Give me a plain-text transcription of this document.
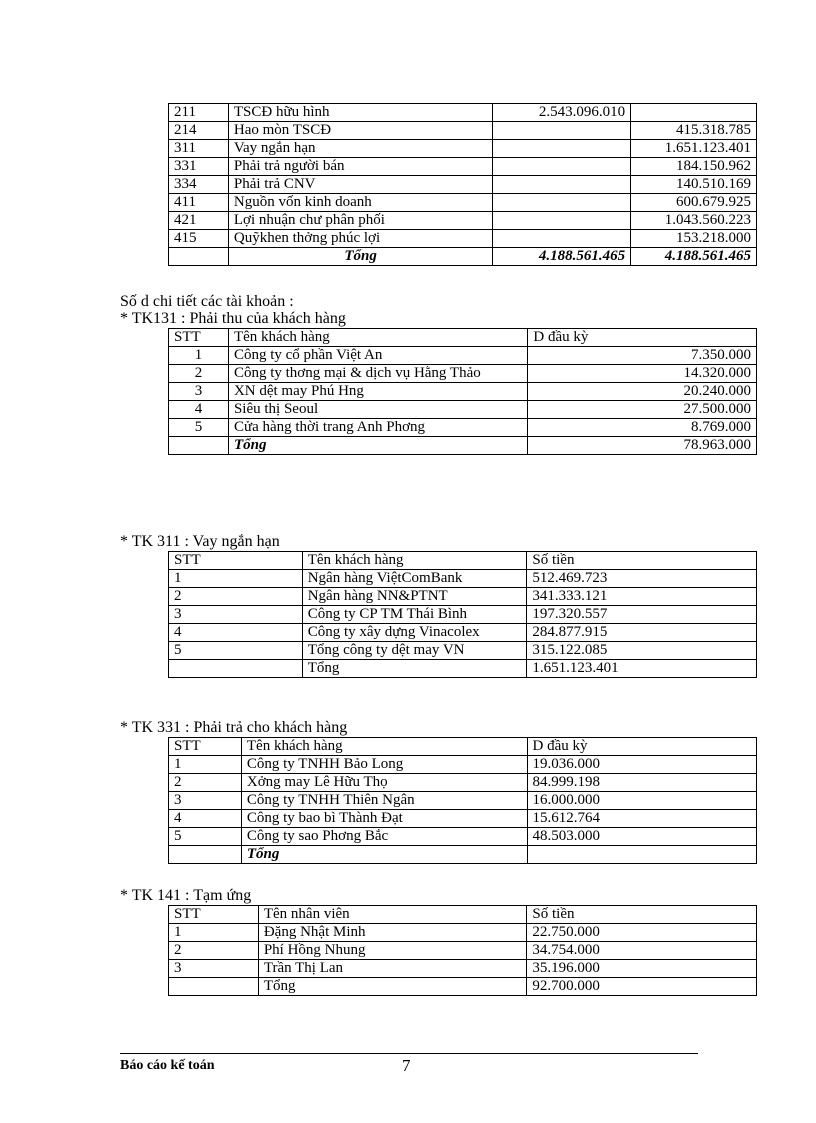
211	TSCĐ hữu hình	2.543.096.010	
214	Hao mòn TSCĐ		415.318.785
311	Vay ngắn hạn		1.651.123.401
331	Phải trả người bán		184.150.962
334	Phải trả CNV		140.510.169
411	Nguồn vốn kinh doanh		600.679.925
421	Lợi nhuận chư phân phối		1.043.560.223
415	Quỹkhen thởng phúc lợi		153.218.000
	Tổng	4.188.561.465	4.188.561.465
Số d chi tiết các tài khoản :
* TK131 : Phải thu của khách hàng
STT	Tên khách hàng	D đầu kỳ
1	Công ty cổ phần Việt An	7.350.000
2	Công ty thơng mại & dịch vụ Hằng Thảo	14.320.000
3	XN dệt may Phú Hng	20.240.000
4	Siêu thị Seoul	27.500.000
5	Cửa hàng thời trang Anh Phơng	8.769.000
	Tổng	78.963.000
* TK 311 : Vay ngắn hạn
STT	Tên khách hàng	Số tiền
1	Ngân hàng ViệtComBank	512.469.723
2	Ngân hàng NN&PTNT	341.333.121
3	Công ty CP TM Thái Bình	197.320.557
4	Công ty xây dựng Vinacolex	284.877.915
5	Tổng công ty dệt may VN	315.122.085
	Tổng	1.651.123.401
* TK 331 : Phải trả cho khách hàng
STT	Tên khách hàng	D đầu kỳ
1	Công ty TNHH Bảo Long	19.036.000
2	Xởng may Lê Hữu Thọ	84.999.198
3	Công ty TNHH Thiên Ngân	16.000.000
4	Công ty bao bì Thành Đạt	15.612.764
5	Công ty sao Phơng Bắc	48.503.000
	Tổng	
* TK 141 : Tạm ứng
STT	Tên nhân viên	Số tiền
1	Đặng Nhật Minh	22.750.000
2	Phí Hồng Nhung	34.754.000
3	Trần Thị Lan	35.196.000
	Tổng	92.700.000
Báo cáo kế toán	7
